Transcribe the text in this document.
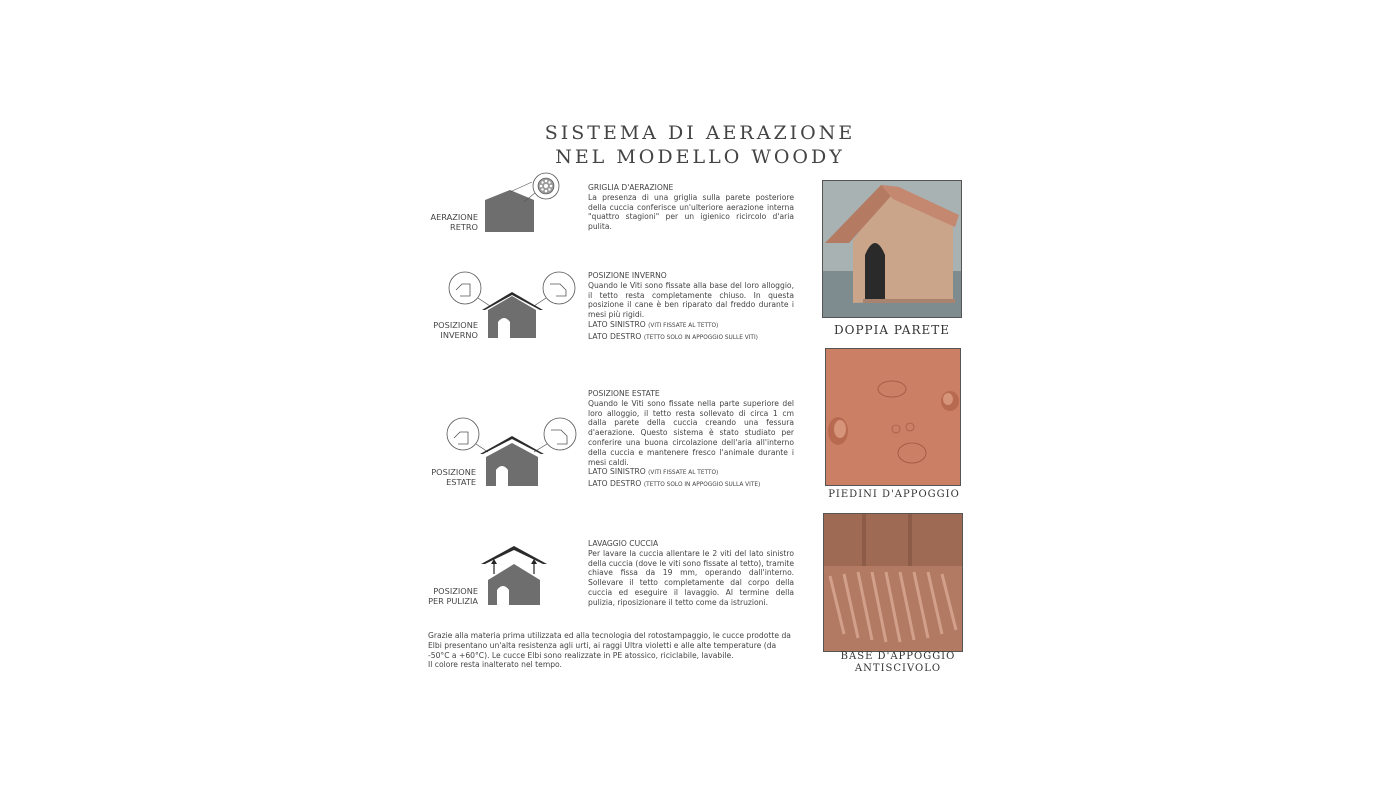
SISTEMA DI AERAZIONE
NEL MODELLO WOODY
AERAZIONE
RETRO
GRIGLIA D'AERAZIONE
La presenza di una griglia sulla parete posteriore della cuccia conferisce un'ulteriore aerazione interna "quattro stagioni" per un igienico ricircolo d'aria pulita.
POSIZIONE
INVERNO
POSIZIONE INVERNO
Quando le Viti sono fissate alla base del loro alloggio, il tetto resta completamente chiuso. In questa posizione il cane è ben riparato dal freddo durante i mesi più rigidi.
LATO SINISTRO (VITI FISSATE AL TETTO)
LATO DESTRO (TETTO SOLO IN APPOGGIO SULLE VITI)
POSIZIONE
ESTATE
POSIZIONE ESTATE
Quando le Viti sono fissate nella parte superiore del loro alloggio, il tetto resta sollevato di circa 1 cm dalla parete della cuccia creando una fessura d'aerazione. Questo sistema è stato studiato per conferire una buona circolazione dell'aria all'interno della cuccia e mantenere fresco l'animale durante i mesi caldi.
LATO SINISTRO (VITI FISSATE AL TETTO)
LATO DESTRO (TETTO SOLO IN APPOGGIO SULLA VITE)
POSIZIONE
PER PULIZIA
LAVAGGIO CUCCIA
Per lavare la cuccia allentare le 2 viti del lato sinistro della cuccia (dove le viti sono fissate al tetto), tramite chiave fissa da 19 mm, operando dall'interno. Sollevare il tetto completamente dal corpo della cuccia ed eseguire il lavaggio. Al termine della pulizia, riposizionare il tetto come da istruzioni.
Grazie alla materia prima utilizzata ed alla tecnologia del rotostampaggio, le cucce prodotte da Elbi presentano un'alta resistenza agli urti, ai raggi Ultra violetti e alle alte temperature (da -50°C a +60°C). Le cucce Elbi sono realizzate in PE atossico, riciclabile, lavabile.
Il colore resta inalterato nel tempo.
DOPPIA PARETE
PIEDINI D'APPOGGIO
BASE D'APPOGGIO
ANTISCIVOLO
